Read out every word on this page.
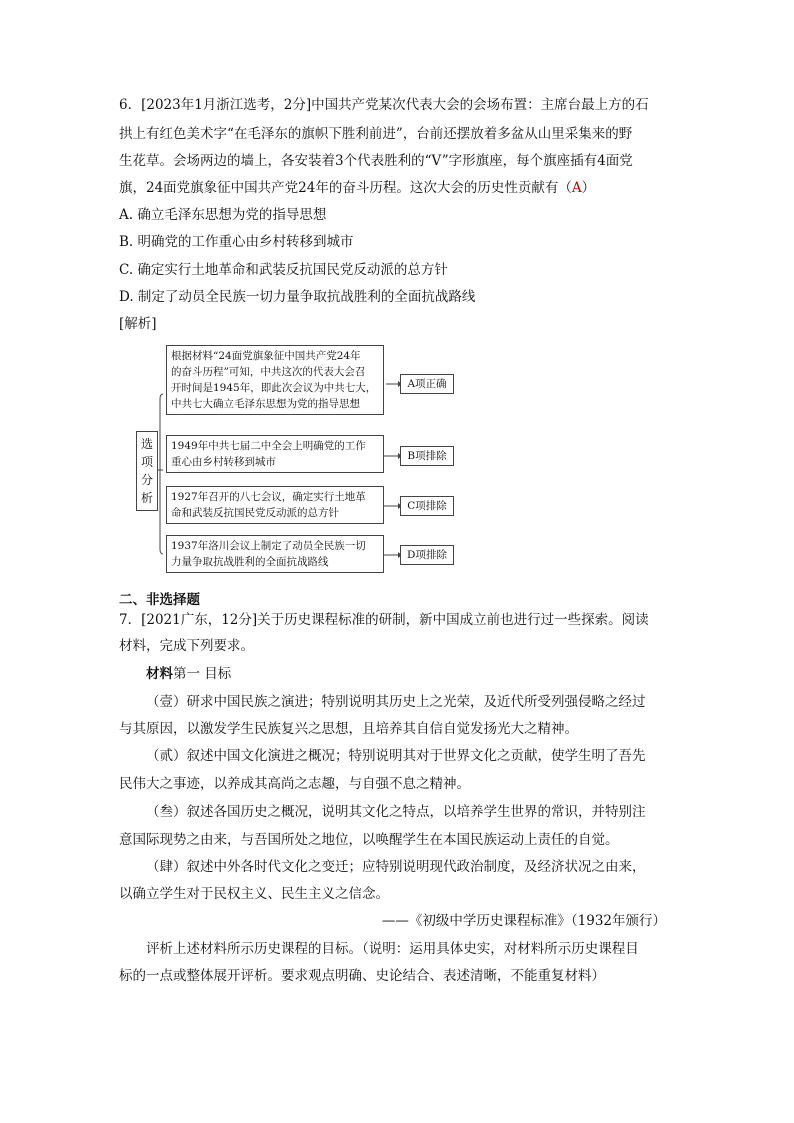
6．[2023年1月浙江选考，2分]中国共产党某次代表大会的会场布置：主席台最上方的石
拱上有红色美术字“在毛泽东的旗帜下胜利前进”，台前还摆放着多盆从山里采集来的野
生花草。会场两边的墙上，各安装着3个代表胜利的“V”字形旗座，每个旗座插有4面党
旗，24面党旗象征中国共产党24年的奋斗历程。这次大会的历史性贡献有（A）
A. 确立毛泽东思想为党的指导思想
B. 明确党的工作重心由乡村转移到城市
C. 确定实行土地革命和武装反抗国民党反动派的总方针
D. 制定了动员全民族一切力量争取抗战胜利的全面抗战路线
[解析]
选
项
分
析
根据材料“24面党旗象征中国共产党24年
的奋斗历程”可知，中共这次的代表大会召
开时间是1945年，即此次会议为中共七大，
中共七大确立毛泽东思想为党的指导思想
A项正确
1949年中共七届二中全会上明确党的工作
重心由乡村转移到城市	B项排除
1927年召开的八七会议，确定实行土地革
命和武装反抗国民党反动派的总方针
C项排除
1937年洛川会议上制定了动员全民族一切
力量争取抗战胜利的全面抗战路线
D项排除
二、非选择题
7．[2021广东，12分]关于历史课程标准的研制，新中国成立前也进行过一些探索。阅读
材料，完成下列要求。
材料第一 目标
（壹）研求中国民族之演进；特别说明其历史上之光荣，及近代所受列强侵略之经过
与其原因，以激发学生民族复兴之思想，且培养其自信自觉发扬光大之精神。
（贰）叙述中国文化演进之概况；特别说明其对于世界文化之贡献，使学生明了吾先
民伟大之事迹，以养成其高尚之志趣，与自强不息之精神。
（叁）叙述各国历史之概况，说明其文化之特点，以培养学生世界的常识，并特别注
意国际现势之由来，与吾国所处之地位，以唤醒学生在本国民族运动上责任的自觉。
（肆）叙述中外各时代文化之变迁；应特别说明现代政治制度，及经济状况之由来，
以确立学生对于民权主义、民生主义之信念。
——《初级中学历史课程标准》（1932年颁行）
评析上述材料所示历史课程的目标。（说明：运用具体史实，对材料所示历史课程目
标的一点或整体展开评析。要求观点明确、史论结合、表述清晰，不能重复材料）
